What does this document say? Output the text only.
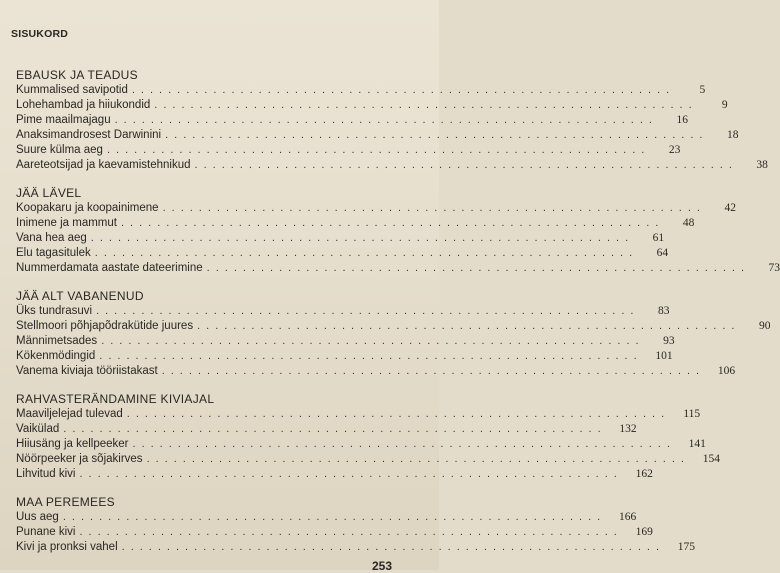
SISUKORD
EBAUSK JA TEADUS
Kummalised savipotid ............................................................	5
Lohehambad ja hiiukondid ............................................................	9
Pime maailmajagu ............................................................	16
Anaksimandrosest Darwinini ............................................................	18
Suure külma aeg ............................................................	23
Aareteotsijad ja kaevamistehnikud ............................................................	38
JÄÄ LÄVEL
Koopakaru ja koopainimene ............................................................	42
Inimene ja mammut ............................................................	48
Vana hea aeg ............................................................	61
Elu tagasitulek ............................................................	64
Nummerdamata aastate dateerimine ............................................................	73
JÄÄ ALT VABANENUD
Üks tundrasuvi ............................................................	83
Stellmoori põhjapõdrakütide juures ............................................................	90
Männimetsades ............................................................	93
Kökenmödingid ............................................................	101
Vanema kiviaja tööriistakast ............................................................	106
RAHVASTERÄNDAMINE KIVIAJAL
Maaviljelejad tulevad ............................................................	115
Vaikülad ............................................................	132
Hiiusäng ja kellpeeker ............................................................	141
Nöörpeeker ja sõjakirves ............................................................	154
Lihvitud kivi ............................................................	162
MAA PEREMEES
Uus aeg ............................................................	166
Punane kivi ............................................................	169
Kivi ja pronksi vahel ............................................................	175
253
